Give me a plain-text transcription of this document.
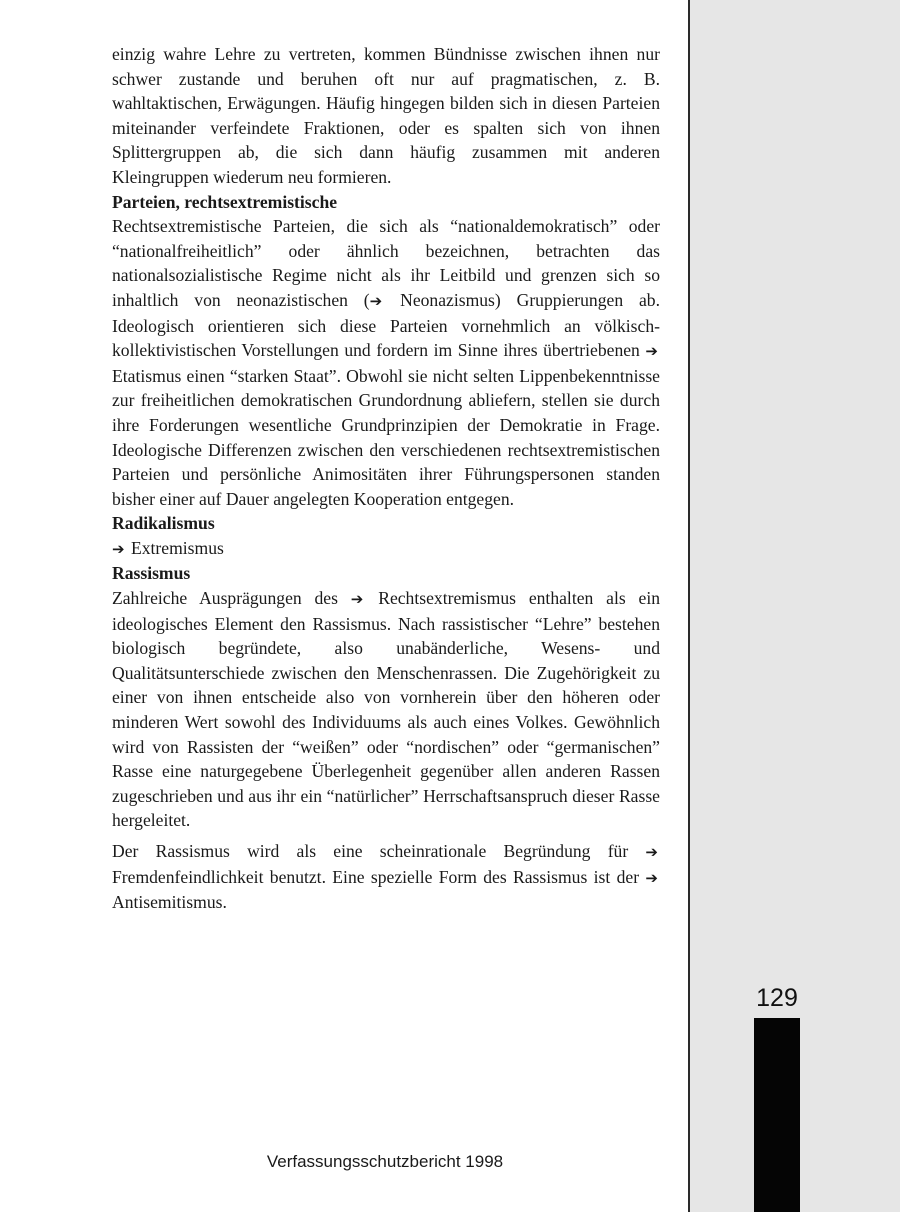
einzig wahre Lehre zu vertreten, kommen Bündnisse zwischen ihnen nur schwer zustande und beruhen oft nur auf pragmatischen, z. B. wahltaktischen, Erwägungen. Häufig hingegen bilden sich in diesen Parteien miteinander verfeindete Fraktionen, oder es spalten sich von ihnen Splittergruppen ab, die sich dann häufig zusammen mit anderen Kleingruppen wiederum neu formieren.

Parteien, rechtsextremistische

Rechtsextremistische Parteien, die sich als “nationaldemokratisch” oder “nationalfreiheitlich” oder ähnlich bezeichnen, betrachten das nationalsozialistische Regime nicht als ihr Leitbild und grenzen sich so inhaltlich von neonazistischen (➔ Neonazismus) Gruppierungen ab. Ideologisch orientieren sich diese Parteien vornehmlich an völkisch-kollektivistischen Vorstellungen und fordern im Sinne ihres übertriebenen ➔ Etatismus einen “starken Staat”. Obwohl sie nicht selten Lippenbekenntnisse zur freiheitlichen demokratischen Grundordnung abliefern, stellen sie durch ihre Forderungen wesentliche Grundprinzipien der Demokratie in Frage. Ideologische Differenzen zwischen den verschiedenen rechtsextremistischen Parteien und persönliche Animositäten ihrer Führungspersonen standen bisher einer auf Dauer angelegten Kooperation entgegen.

Radikalismus

➔ Extremismus

Rassismus

Zahlreiche Ausprägungen des ➔ Rechtsextremismus enthalten als ein ideologisches Element den Rassismus. Nach rassistischer “Lehre” bestehen biologisch begründete, also unabänderliche, Wesens- und Qualitätsunterschiede zwischen den Menschenrassen. Die Zugehörigkeit zu einer von ihnen entscheide also von vornherein über den höheren oder minderen Wert sowohl des Individuums als auch eines Volkes. Gewöhnlich wird von Rassisten der “weißen” oder “nordischen” oder “germanischen” Rasse eine naturgegebene Überlegenheit gegenüber allen anderen Rassen zugeschrieben und aus ihr ein “natürlicher” Herrschaftsanspruch dieser Rasse hergeleitet.

Der Rassismus wird als eine scheinrationale Begründung für ➔ Fremdenfeindlichkeit benutzt. Eine spezielle Form des Rassismus ist der ➔ Antisemitismus.

Verfassungsschutzbericht 1998
129
